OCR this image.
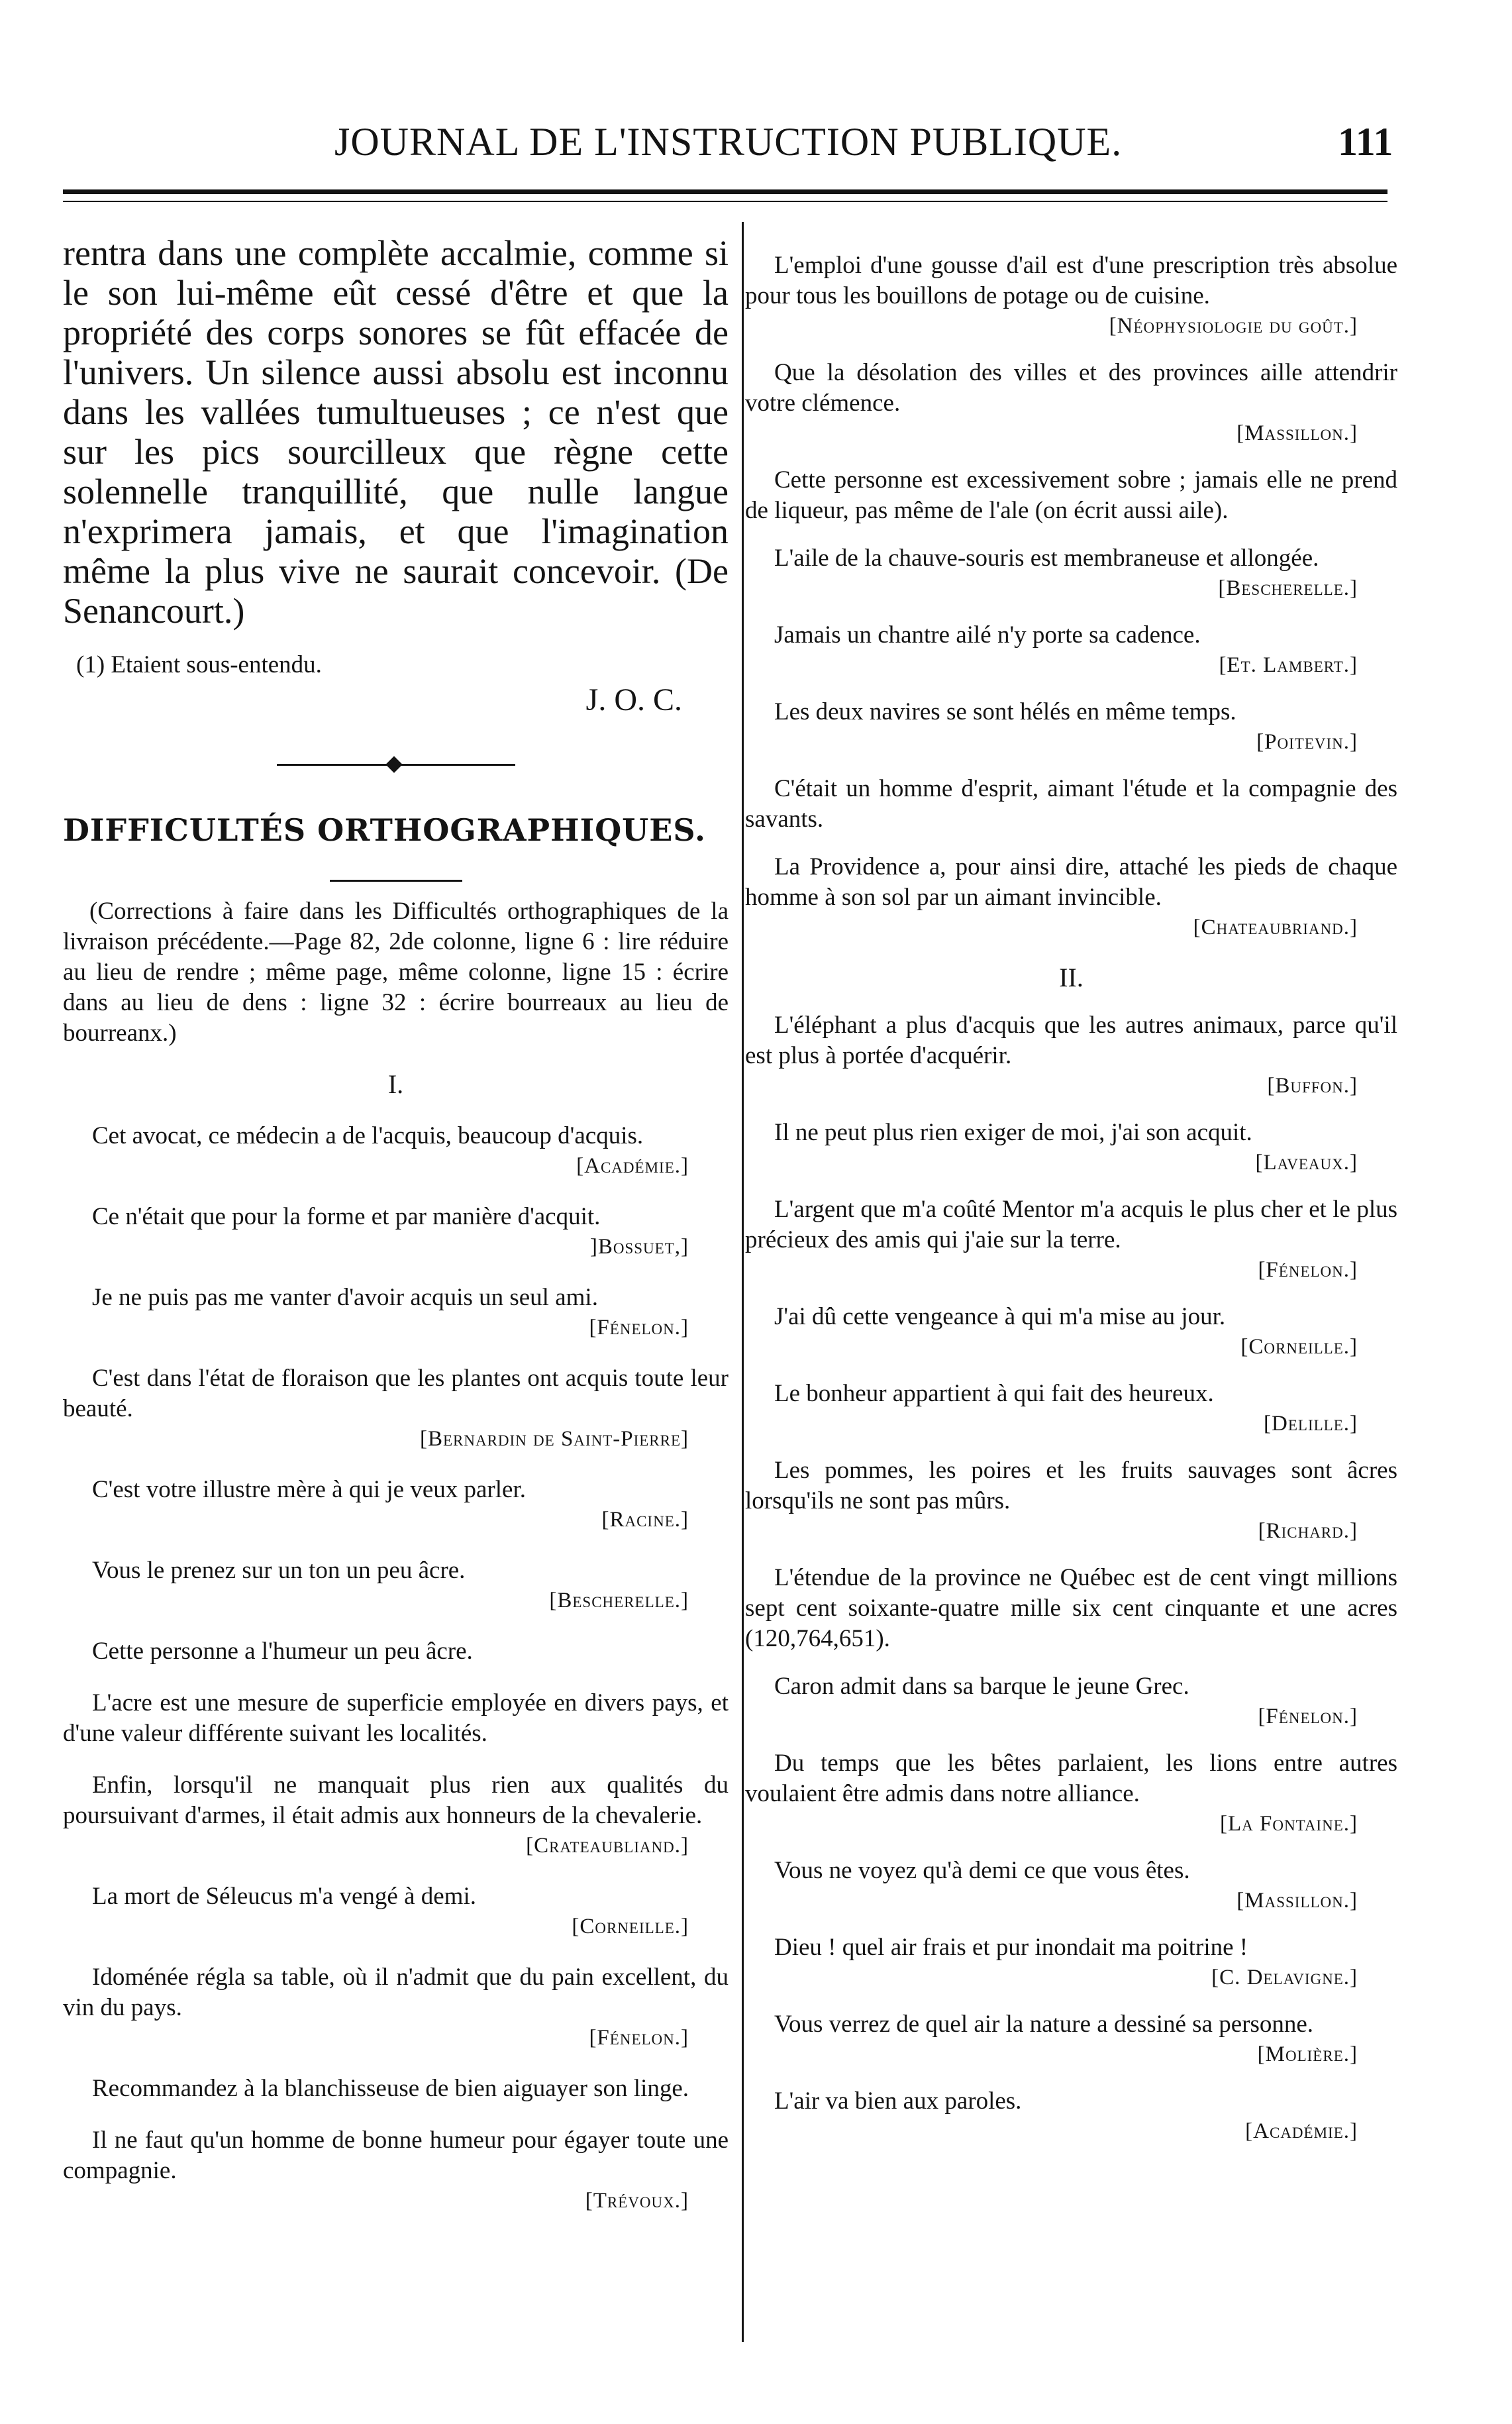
JOURNAL DE L'INSTRUCTION PUBLIQUE.	111

rentra dans une complète accalmie, comme si le son lui-même eût cessé d'être et que la propriété des corps sonores se fût effacée de l'univers. Un silence aussi absolu est inconnu dans les vallées tumultueuses ; ce n'est que sur les pics sourcilleux que règne cette solennelle tranquillité, que nulle langue n'exprimera jamais, et que l'imagination même la plus vive ne saurait concevoir. (De Senancourt.)

(1) Etaient sous-entendu.

J. O. C.

DIFFICULTÉS ORTHOGRAPHIQUES.

(Corrections à faire dans les Difficultés orthographiques de la livraison précédente.—Page 82, 2de colonne, ligne 6 : lire réduire au lieu de rendre ; même page, même colonne, ligne 15 : écrire dans au lieu de dens : ligne 32 : écrire bourreaux au lieu de bourreanx.)

I.

Cet avocat, ce médecin a de l'acquis, beaucoup d'acquis.

[Académie.]

Ce n'était que pour la forme et par manière d'acquit.

]Bossuet,]

Je ne puis pas me vanter d'avoir acquis un seul ami.

[Fénelon.]

C'est dans l'état de floraison que les plantes ont acquis toute leur beauté.

[Bernardin de Saint-Pierre]

C'est votre illustre mère à qui je veux parler.

[Racine.]

Vous le prenez sur un ton un peu âcre.

[Bescherelle.]

Cette personne a l'humeur un peu âcre.

L'acre est une mesure de superficie employée en divers pays, et d'une valeur différente suivant les localités.

Enfin, lorsqu'il ne manquait plus rien aux qualités du poursuivant d'armes, il était admis aux honneurs de la chevalerie.

[Crateaubliand.]

La mort de Séleucus m'a vengé à demi.

[Corneille.]

Idoménée régla sa table, où il n'admit que du pain excellent, du vin du pays.

[Fénelon.]

Recommandez à la blanchisseuse de bien aiguayer son linge.

Il ne faut qu'un homme de bonne humeur pour égayer toute une compagnie.

[Trévoux.]

L'emploi d'une gousse d'ail est d'une prescription très absolue pour tous les bouillons de potage ou de cuisine.

[Néophysiologie du goût.]

Que la désolation des villes et des provinces aille attendrir votre clémence.

[Massillon.]

Cette personne est excessivement sobre ; jamais elle ne prend de liqueur, pas même de l'ale (on écrit aussi aile).

L'aile de la chauve-souris est membraneuse et allongée.

[Bescherelle.]

Jamais un chantre ailé n'y porte sa cadence.

[Et. Lambert.]

Les deux navires se sont hélés en même temps.

[Poitevin.]

C'était un homme d'esprit, aimant l'étude et la compagnie des savants.

La Providence a, pour ainsi dire, attaché les pieds de chaque homme à son sol par un aimant invincible.

[Chateaubriand.]

II.

L'éléphant a plus d'acquis que les autres animaux, parce qu'il est plus à portée d'acquérir.

[Buffon.]

Il ne peut plus rien exiger de moi, j'ai son acquit.

[Laveaux.]

L'argent que m'a coûté Mentor m'a acquis le plus cher et le plus précieux des amis qui j'aie sur la terre.

[Fénelon.]

J'ai dû cette vengeance à qui m'a mise au jour.

[Corneille.]

Le bonheur appartient à qui fait des heureux.

[Delille.]

Les pommes, les poires et les fruits sauvages sont âcres lorsqu'ils ne sont pas mûrs.

[Richard.]

L'étendue de la province ne Québec est de cent vingt millions sept cent soixante-quatre mille six cent cinquante et une acres (120,764,651).

Caron admit dans sa barque le jeune Grec.

[Fénelon.]

Du temps que les bêtes parlaient, les lions entre autres voulaient être admis dans notre alliance.

[La Fontaine.]

Vous ne voyez qu'à demi ce que vous êtes.

[Massillon.]

Dieu ! quel air frais et pur inondait ma poitrine !

[C. Delavigne.]

Vous verrez de quel air la nature a dessiné sa personne.

[Molière.]

L'air va bien aux paroles.

[Académie.]
